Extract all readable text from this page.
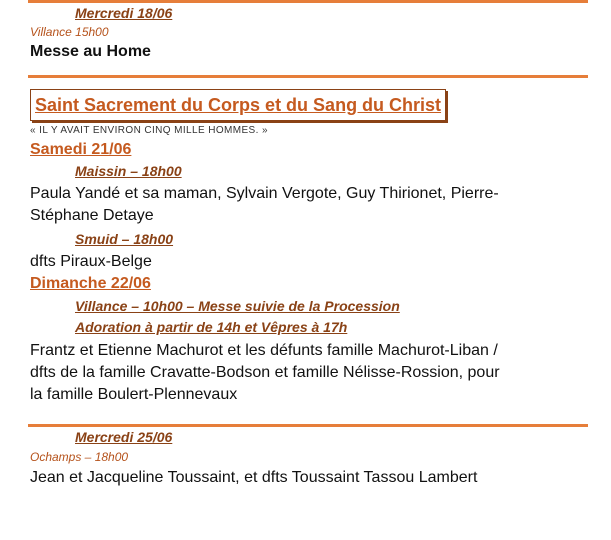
Mercredi 18/06
Villance 15h00
Messe au Home
Saint Sacrement du Corps et du Sang du Christ
« IL Y AVAIT ENVIRON CINQ MILLE HOMMES. »
Samedi 21/06
Maissin – 18h00
Paula Yandé et sa maman, Sylvain Vergote, Guy Thirionet, Pierre-
Stéphane Detaye
Smuid – 18h00
dfts Piraux-Belge
Dimanche 22/06
Villance – 10h00 – Messe suivie de la Procession
Adoration à partir de 14h et Vêpres à 17h
Frantz et Etienne Machurot et les défunts famille Machurot-Liban /
dfts de la famille Cravatte-Bodson et famille Nélisse-Rossion, pour
la famille Boulert-Plennevaux
Mercredi 25/06
Ochamps – 18h00
Jean et Jacqueline Toussaint, et dfts Toussaint Tassou Lambert
